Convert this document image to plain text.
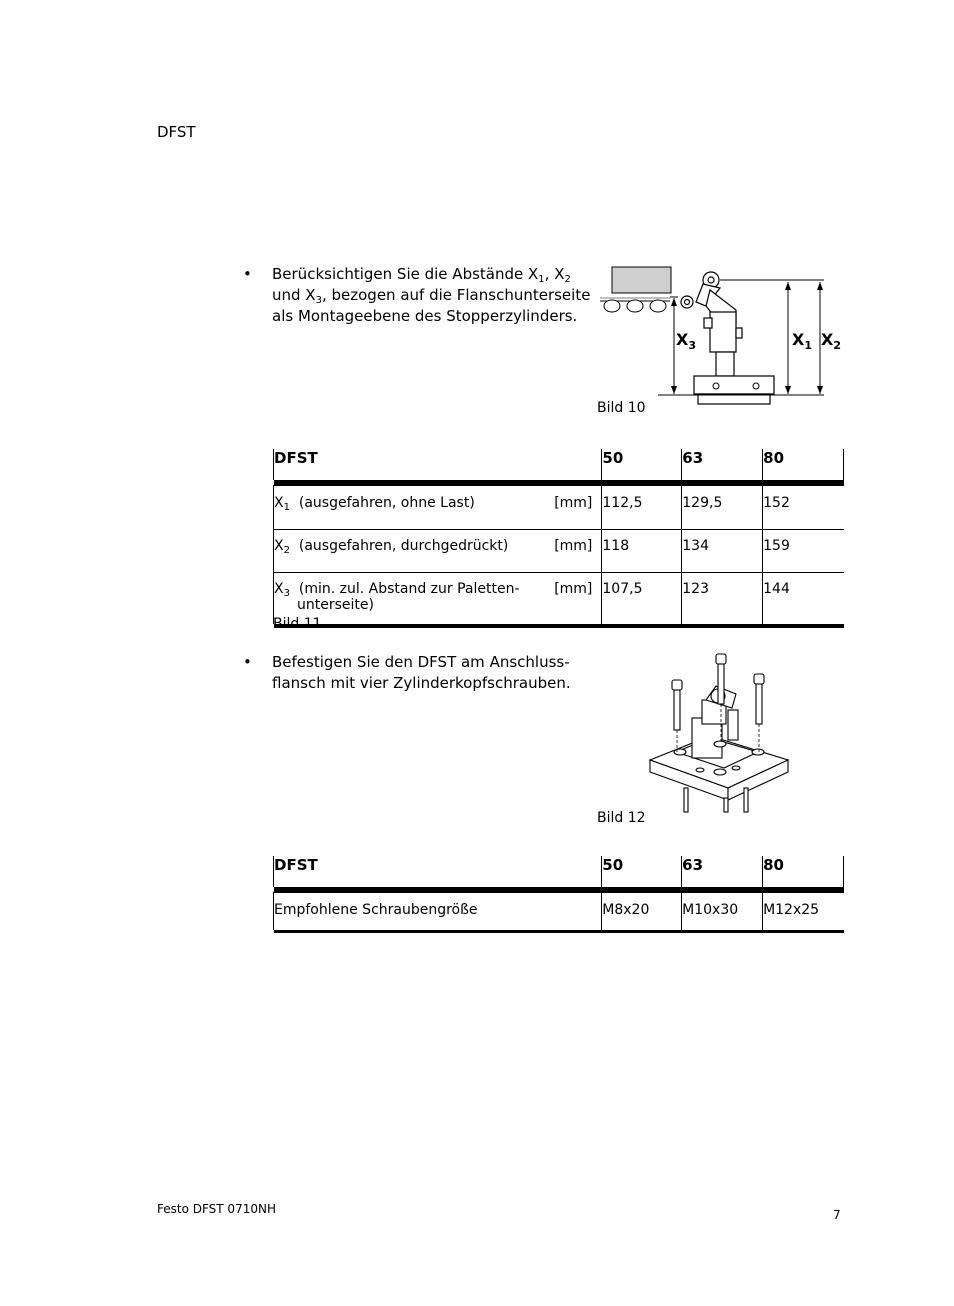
DFST
• Berücksichtigen Sie die Abstände $X_1$, $X_2$
und $X_3$, bezogen auf die Flanschunterseite
als Montageebene des Stopperzylinders.
$X_3$	$X_1$ $X_2$
Bild 10
DFST	50	63	80

[mm]
$X_1$ (ausgefahren, ohne Last)	112,5	129,5	152

[mm]
$X_2$ (ausgefahren, durchgedrückt)	118	134	159

[mm]
$X_3$ (min. zul. Abstand zur Paletten-
unterseite)	107,5	123	144

Bild 11
• Befestigen Sie den DFST am Anschluss-
flansch mit vier Zylinderkopfschrauben.
Bild 12
DFST	50	63	80

Empfohlene Schraubengröße	M8x20	M10x30	M12x25

Festo DFST 0710NH	7
